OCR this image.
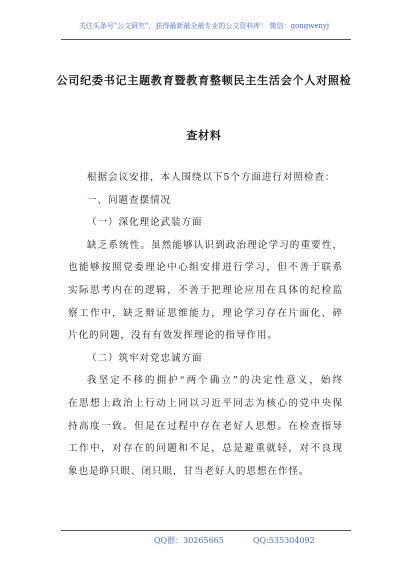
关注头条号"公文研究"，获得最新最全最专业的公文资料库！ 微信：gongwenyj
公司纪委书记主题教育暨教育整顿民主生活会个人对照检
查材料
根据会议安排，本人围绕以下5个方面进行对照检查：
一、问题查摆情况
（一）深化理论武装方面
缺乏系统性。虽然能够认识到政治理论学习的重要性，
也能够按照党委理论中心组安排进行学习，但不善于联系
实际思考内在的逻辑，不善于把理论应用在具体的纪检监
察工作中，缺乏辩证思维能力，理论学习存在片面化、碎
片化的问题，没有有效发挥理论的指导作用。
（二）筑牢对党忠诚方面
我坚定不移的拥护“两个确立”的决定性意义，始终
在思想上政治上行动上同以习近平同志为核心的党中央保
持高度一致。但是在过程中存在老好人思想。在检查指导
工作中，对存在的问题和不足，总是避重就轻，对不良现
象也是睁只眼、闭只眼，甘当老好人的思想在作怪。
QQ群：30265665	QQ:535304092
